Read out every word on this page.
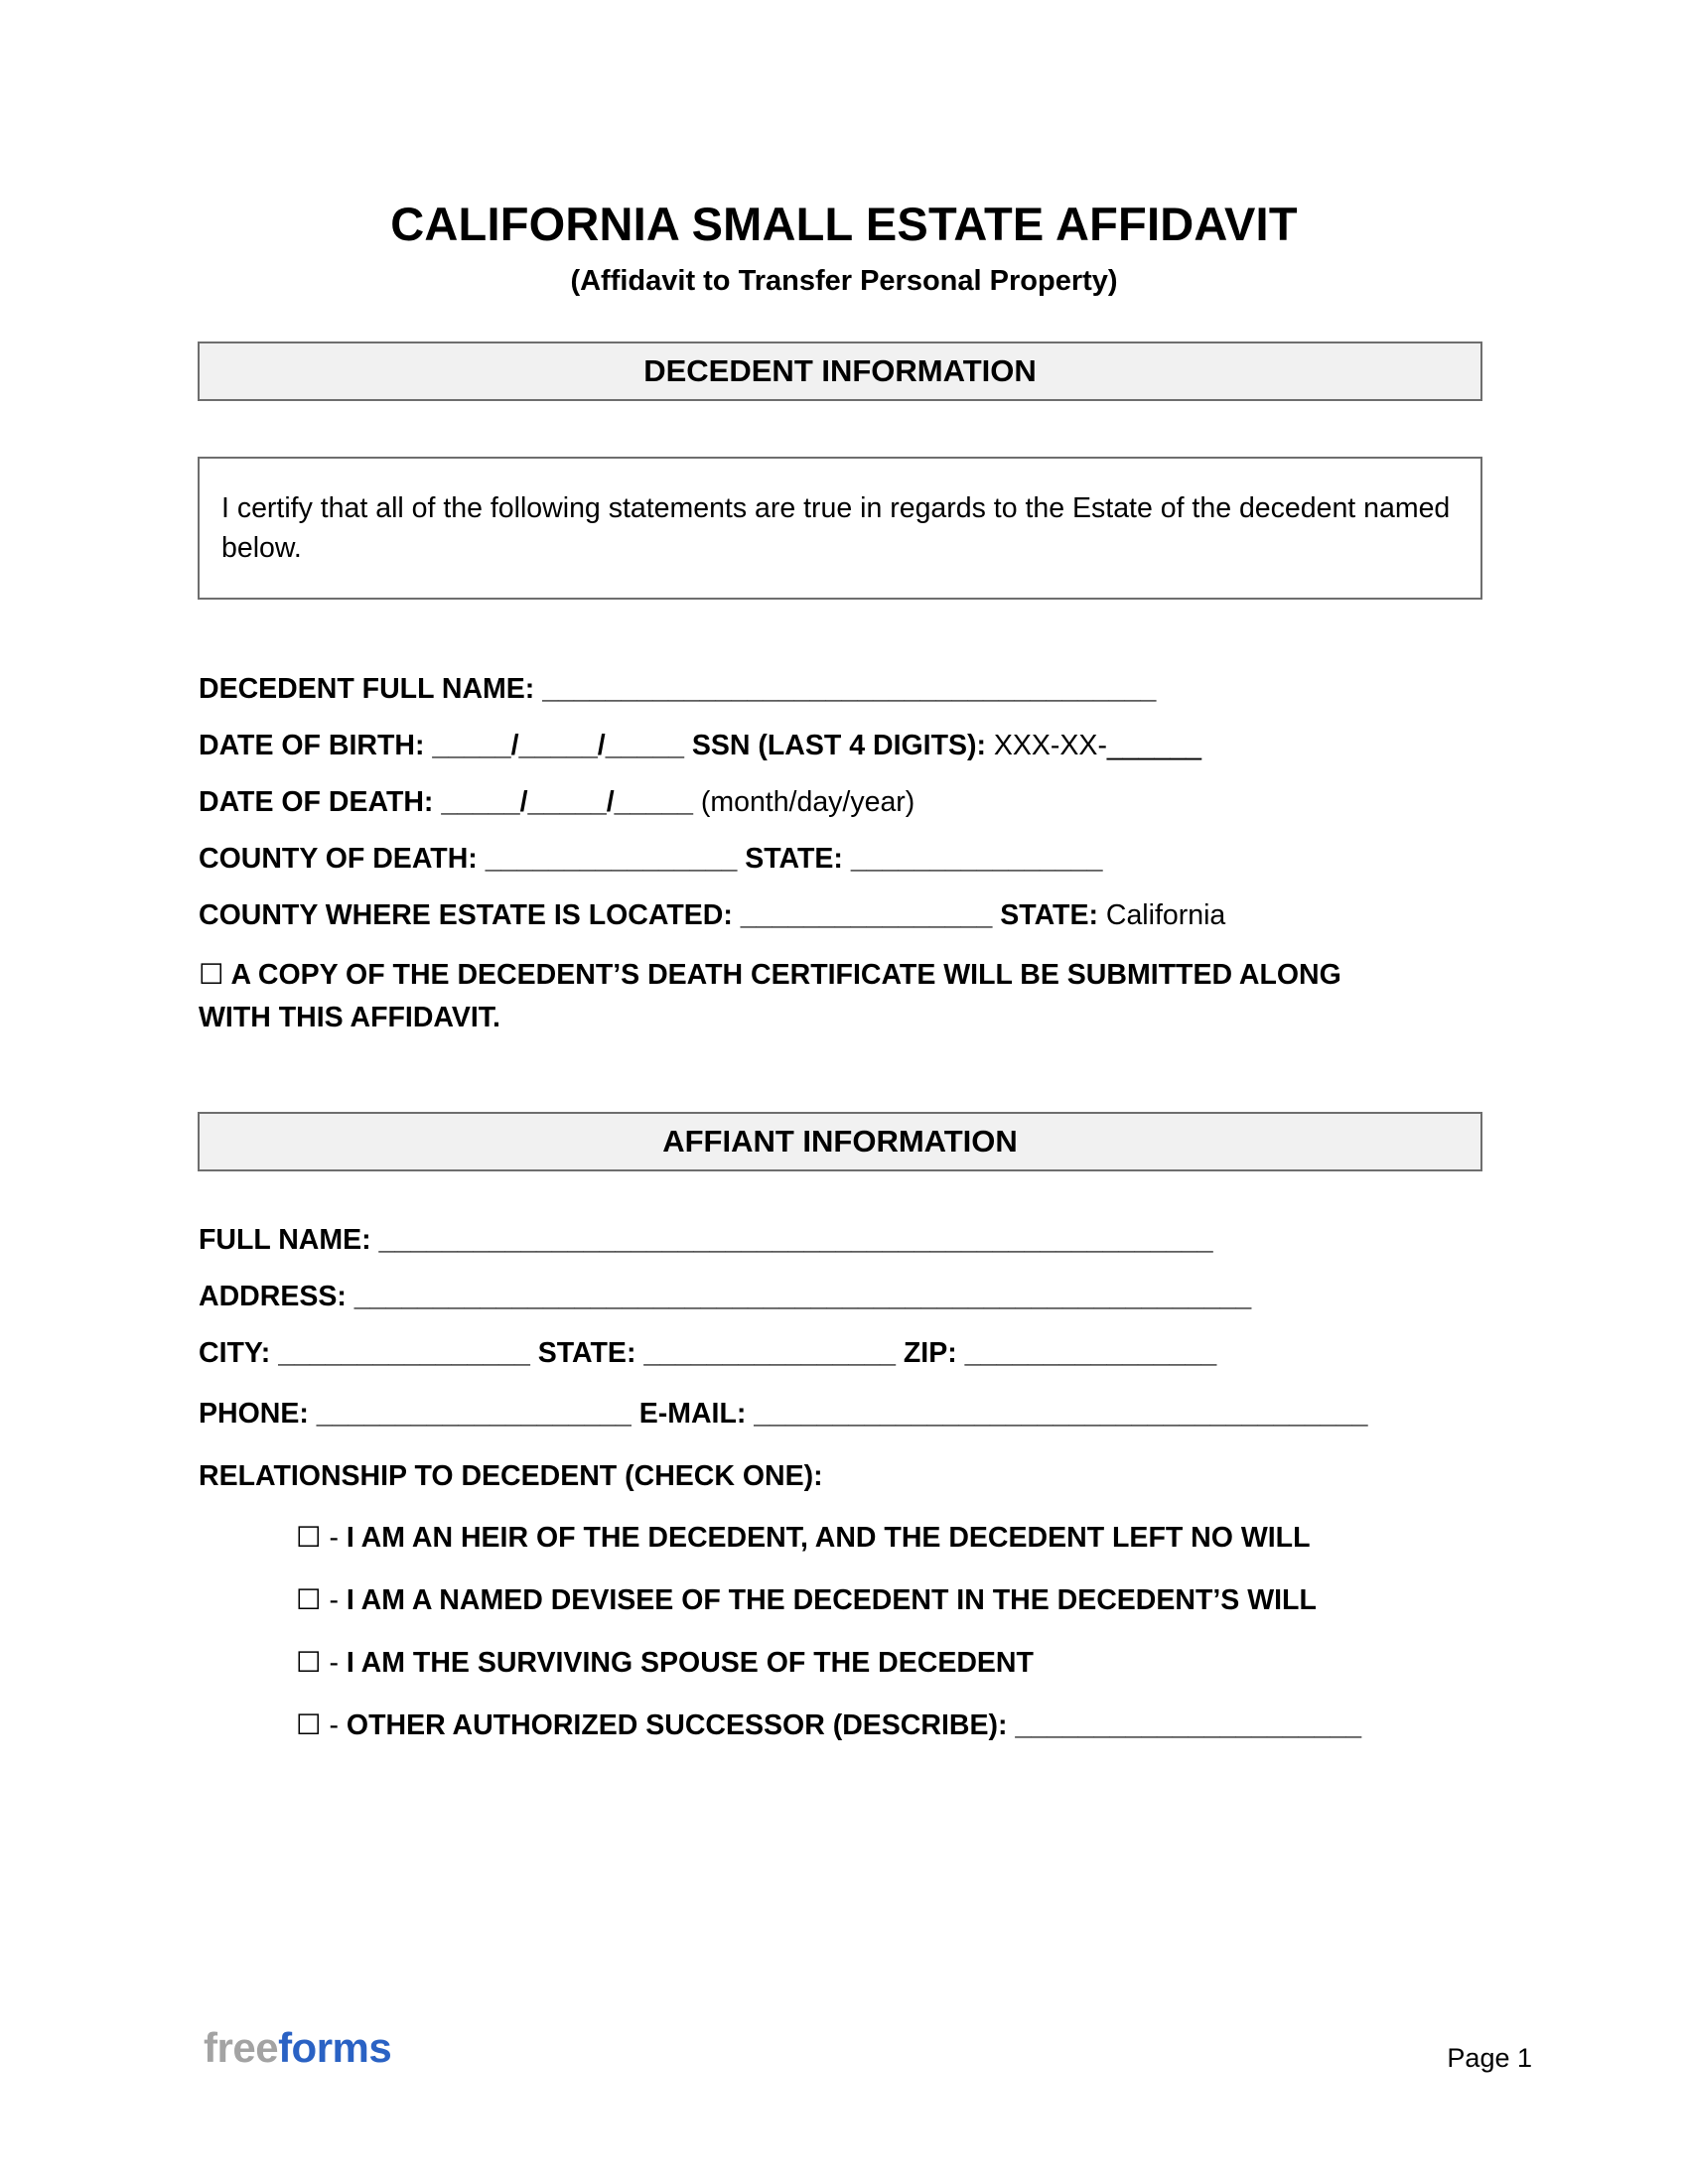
CALIFORNIA SMALL ESTATE AFFIDAVIT
(Affidavit to Transfer Personal Property)
DECEDENT INFORMATION
I certify that all of the following statements are true in regards to the Estate of the decedent named below.
DECEDENT FULL NAME: _______________________________________
DATE OF BIRTH: _____/_____/_____ SSN (LAST 4 DIGITS): XXX-XX-______
DATE OF DEATH: _____/_____/_____ (month/day/year)
COUNTY OF DEATH: ________________ STATE: ________________
COUNTY WHERE ESTATE IS LOCATED: ________________ STATE: California
☐ A COPY OF THE DECEDENT’S DEATH CERTIFICATE WILL BE SUBMITTED ALONG
WITH THIS AFFIDAVIT.
AFFIANT INFORMATION
FULL NAME: _____________________________________________________
ADDRESS: _________________________________________________________
CITY: ________________ STATE: ________________ ZIP: ________________
PHONE: ____________________ E-MAIL: _______________________________________
RELATIONSHIP TO DECEDENT (CHECK ONE):
☐ - I AM AN HEIR OF THE DECEDENT, AND THE DECEDENT LEFT NO WILL
☐ - I AM A NAMED DEVISEE OF THE DECEDENT IN THE DECEDENT’S WILL
☐ - I AM THE SURVIVING SPOUSE OF THE DECEDENT
☐ - OTHER AUTHORIZED SUCCESSOR (DESCRIBE): ______________________
freeforms	Page 1
